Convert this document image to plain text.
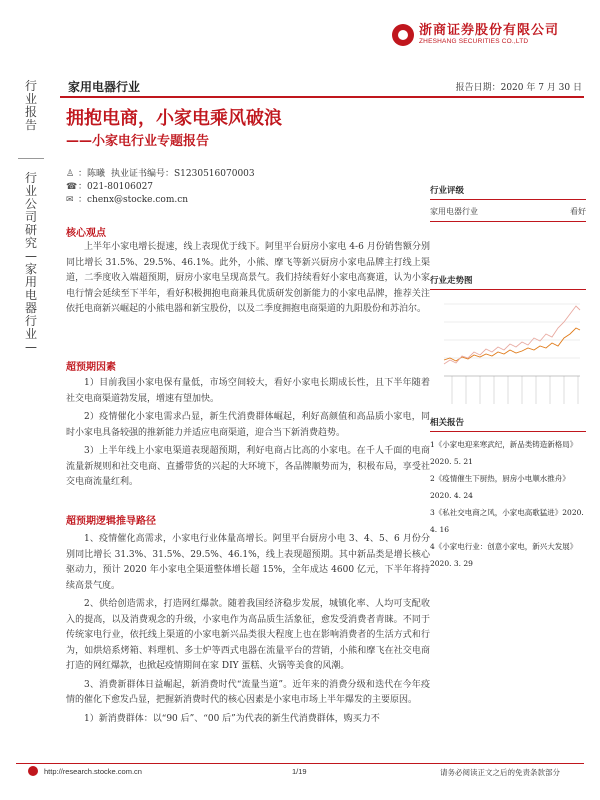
浙商证券股份有限公司
ZHESHANG SECURITIES CO.,LTD
行业报告
行业公司研究—家用电器行业—
家用电器行业	报告日期：2020 年 7 月 30 日
拥抱电商，小家电乘风破浪
——小家电行业专题报告
♙ ：陈曦 执业证书编号：S1230516070003
☎ ：021-80106027
✉ ：chenx@stocke.com.cn
行业评级
家用电器行业	看好
行业走势图
相关报告
1《小家电迎来寒武纪，新品类铸造新格局》2020. 5. 21
2《疫情催生下厨热，厨房小电顺水推舟》2020. 4. 24
3《私社交电商之风，小家电高歌猛进》2020. 4. 16
4《小家电行业：创意小家电，新兴大发展》2020. 3. 29
核心观点
上半年小家电增长提速，线上表现优于线下。阿里平台厨房小家电 4-6 月份销售额分别同比增长 31.5%、29.5%、46.1%。此外，小熊、摩飞等新兴厨房小家电品牌主打线上渠道，二季度收入端超预期，厨房小家电呈现高景气。我们持续看好小家电高赛道，认为小家电行情会延续至下半年，看好积极拥抱电商兼具优质研发创新能力的小家电品牌，推荐关注依托电商新兴崛起的小熊电器和新宝股份，以及二季度拥抱电商渠道的九阳股份和苏泊尔。
超预期因素
1）目前我国小家电保有量低，市场空间较大，看好小家电长期成长性，且下半年随着社交电商渠道勃发展，增速有望加快。
2）疫情催化小家电需求凸显，新生代消费群体崛起，利好高颜值和高品质小家电，同时小家电具备较强的推新能力并适应电商渠道，迎合当下新消费趋势。
3）上半年线上小家电渠道表现超预期，利好电商占比高的小家电。在千人千面的电商流量新规则和社交电商、直播带货的兴起的大环境下，各品牌顺势而为，积极布局，享受社交电商流量红利。
超预期逻辑推导路径
1、疫情催化高需求，小家电行业体量高增长。阿里平台厨房小电 3、4、5、6 月份分别同比增长 31.3%、31.5%、29.5%、46.1%，线上表现超预期。其中新品类是增长核心驱动力，预计 2020 年小家电全渠道整体增长超 15%，全年成达 4600 亿元，下半年将持续高景气度。
2、供给创造需求，打造网红爆款。随着我国经济稳步发展，城镇化率、人均可支配收入的提高，以及消费观念的升级，小家电作为高品质生活象征，愈发受消费者青睐。不同于传统家电行业，依托线上渠道的小家电新兴品类很大程度上也在影响消费者的生活方式和行为，如烘焙系烤箱、料理机、多士炉等西式电器在流量平台的营销，小熊和摩飞在社交电商打造的网红爆款，也掀起疫情期间在家 DIY 蛋糕、火锅等美食的风潮。
3、消费新群体日益崛起，新消费时代“流量当道”。近年来的消费分级和迭代在今年疫情的催化下愈发凸显，把握新消费时代的核心因素是小家电市场上半年爆发的主要原因。
1）新消费群体：以“90 后”、“00 后”为代表的新生代消费群体，购买力不
http://research.stocke.com.cn	1/19	请务必阅读正文之后的免责条款部分
